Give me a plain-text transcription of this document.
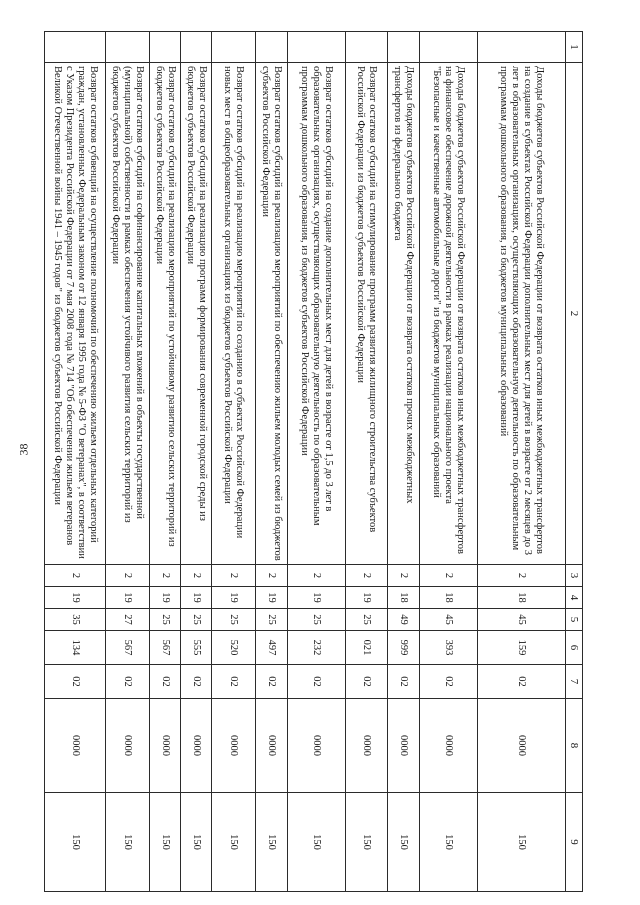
38
1	2	3	4	5	6	7	8	9
	Доходы бюджетов субъектов Российской Федерации от возврата остатков иных межбюджетных трансфертов на создание в субъектах Российской Федерации дополнительных мест для детей в возрасте от 2 месяцев до 3 лет в образовательных организациях, осуществляющих образовательную деятельность по образовательным программам дошкольного образования, из бюджетов муниципальных образований	2	18	45	159	02	0000	150
	Доходы бюджетов субъектов Российской Федерации от возврата остатков иных межбюджетных трансфертов на финансовое обеспечение дорожной деятельности в рамках реализации национального проекта "Безопасные и качественные автомобильные дороги" из бюджетов муниципальных образований	2	18	45	393	02	0000	150
	Доходы бюджетов субъектов Российской Федерации от возврата остатков прочих межбюджетных трансфертов из федерального бюджета	2	18	49	999	02	0000	150
	Возврат остатков субсидий на стимулирование программ развития жилищного строительства субъектов Российской Федерации из бюджетов субъектов Российской Федерации	2	19	25	021	02	0000	150
	Возврат остатков субсидий на создание дополнительных мест для детей в возрасте от 1,5 до 3 лет в образовательных организациях, осуществляющих образовательную деятельность по образовательным программам дошкольного образования, из бюджетов субъектов Российской Федерации	2	19	25	232	02	0000	150
	Возврат остатков субсидий на реализацию мероприятий по обеспечению жильем молодых семей из бюджетов субъектов Российской Федерации	2	19	25	497	02	0000	150
	Возврат остатков субсидий на реализацию мероприятий по созданию в субъектах Российской Федерации новых мест в общеобразовательных организациях из бюджетов субъектов Российской Федерации	2	19	25	520	02	0000	150
	Возврат остатков субсидий на реализацию программ формирования современной городской среды из бюджетов субъектов Российской Федерации	2	19	25	555	02	0000	150
	Возврат остатков субсидий на реализацию мероприятий по устойчивому развитию сельских территорий из бюджетов субъектов Российской Федерации	2	19	25	567	02	0000	150
	Возврат остатков субсидий на софинансирование капитальных вложений в объекты государственной (муниципальной) собственности в рамках обеспечения устойчивого развития сельских территорий из бюджетов субъектов Российской Федерации	2	19	27	567	02	0000	150
	Возврат остатков субвенций на осуществление полномочий по обеспечению жильем отдельных категорий граждан, установленных Федеральным законом от 12 января 1995 года № 5-ФЗ "О ветеранах", в соответствии с Указом Президента Российской Федерации от 7 мая 2008 года № 714 "Об обеспечении жильем ветеранов Великой Отечественной войны 1941 – 1945 годов" из бюджетов субъектов Российской Федерации	2	19	35	134	02	0000	150
